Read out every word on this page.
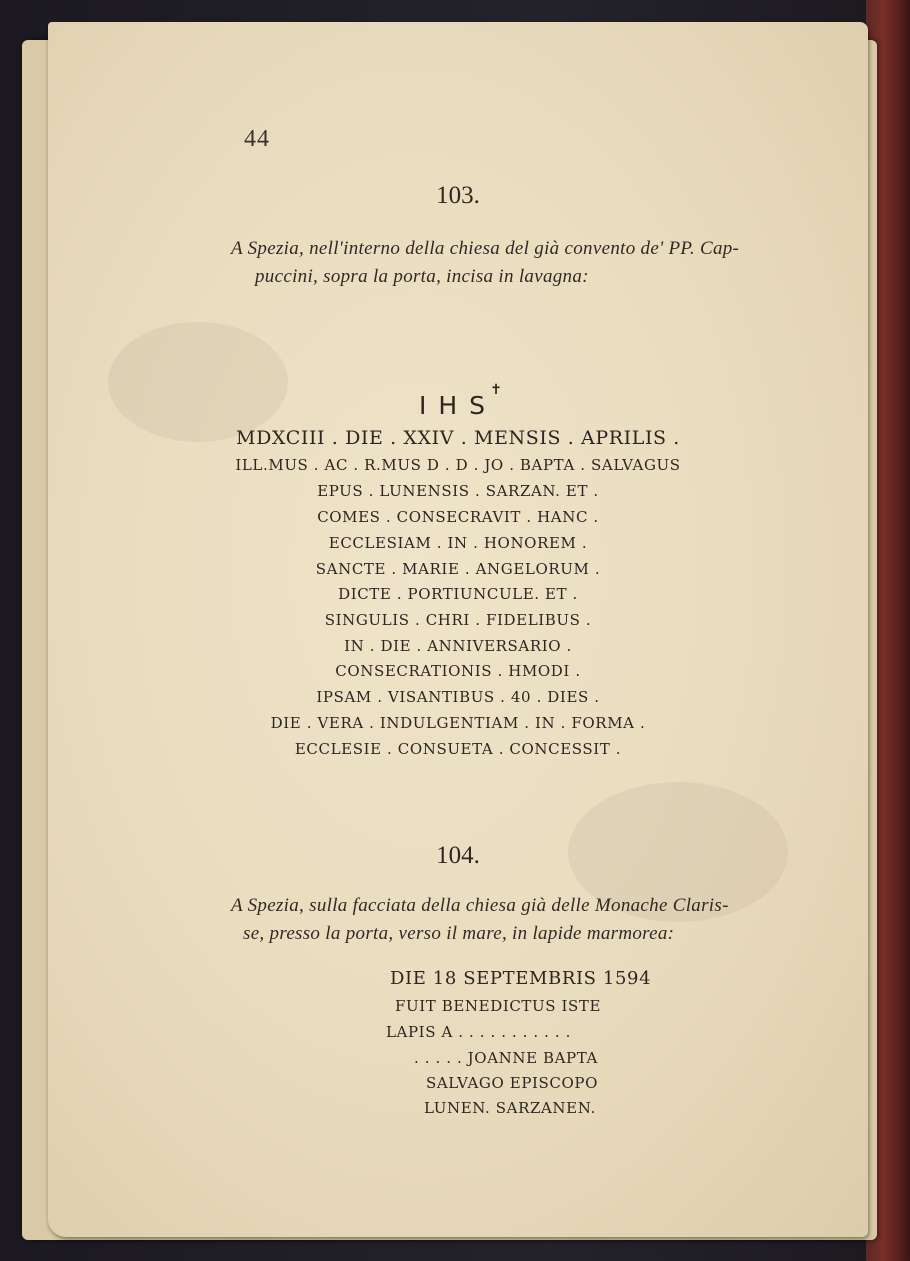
44
103.
A Spezia, nell'interno della chiesa del già convento de' PP. Cap-
puccini, sopra la porta, incisa in lavagna:
✝
IHS
MDXCIII . DIE . XXIV . MENSIS . APRILIS .
ILL.MUS . AC . R.MUS D . D . JO . BAPTA . SALVAGUS
EPUS . LUNENSIS . SARZAN. ET .
COMES . CONSECRAVIT . HANC .
ECCLESIAM . IN . HONOREM .
SANCTE . MARIE . ANGELORUM .
DICTE . PORTIUNCULE. ET .
SINGULIS . CHRI . FIDELIBUS .
IN . DIE . ANNIVERSARIO .
CONSECRATIONIS . HMODI .
IPSAM . VISANTIBUS . 40 . DIES .
DIE . VERA . INDULGENTIAM . IN . FORMA .
ECCLESIE . CONSUETA . CONCESSIT .
104.
A Spezia, sulla facciata della chiesa già delle Monache Claris-
se, presso la porta, verso il mare, in lapide marmorea:
DIE 18 SEPTEMBRIS 1594
FUIT BENEDICTUS ISTE
LAPIS A . . . . . . . . . . .
. . . . . JOANNE BAPTA
SALVAGO EPISCOPO
LUNEN. SARZANEN.
